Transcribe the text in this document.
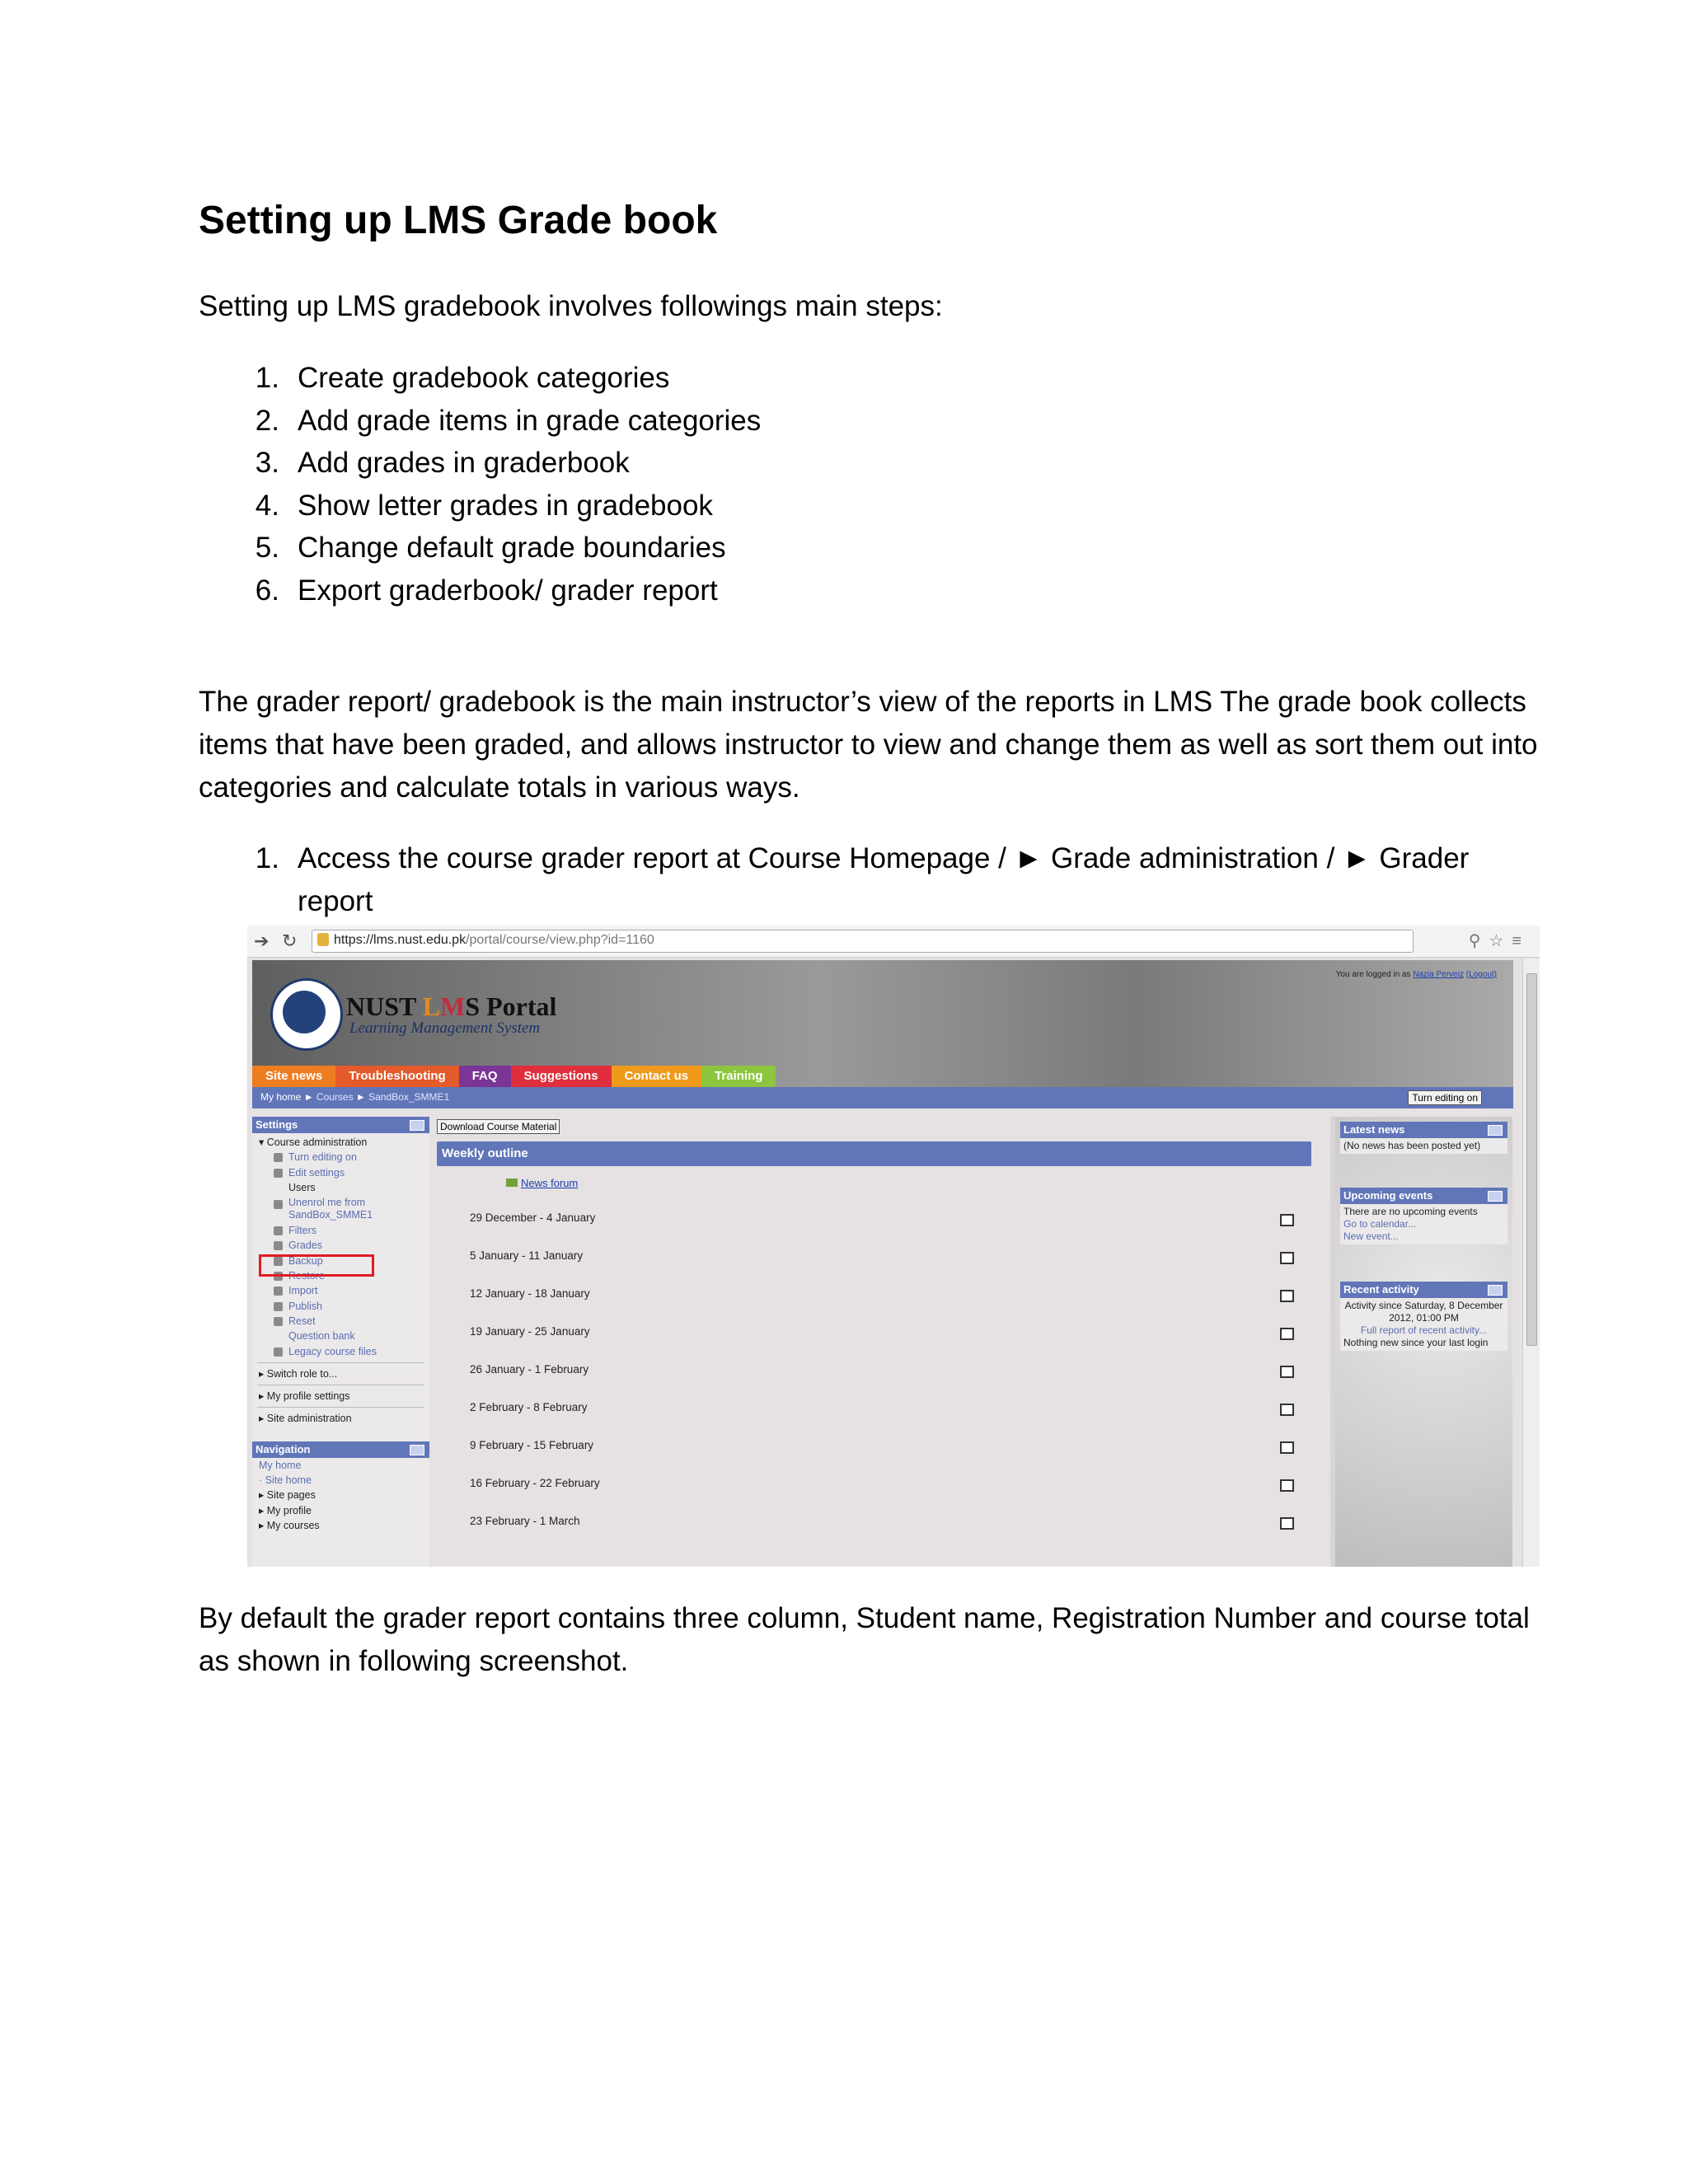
Setting up LMS Grade book

Setting up LMS gradebook involves followings main steps:

1. Create gradebook categories
2. Add grade items in grade categories
3. Add grades in graderbook
4. Show letter grades in gradebook
5. Change default grade boundaries
6. Export graderbook/ grader report

The grader report/ gradebook is the main instructor’s view of the reports in LMS The grade book collects items that have been graded, and allows instructor to view and change them as well as sort them out into categories and calculate totals in various ways.

1. Access the course grader report at Course Homepage / ► Grade administration / ► Grader report

By default the grader report contains three column, Student name, Registration Number and course total as shown in following screenshot.

➔ ↻	https://lms.nust.edu.pk/portal/course/view.php?id=1160	⚲☆≡
You are logged in as Nazia Perveiz (Logout)
NUST LMS Portal
Learning Management System
Site news	Troubleshooting	FAQ	Suggestions	Contact us	Training
My home ► Courses ► SandBox_SMME1	Turn editing on
Settings
▾ Course administration
Turn editing on
Edit settings
Users
Unenrol me from SandBox_SMME1
Filters
Grades
Backup
Restore
Import
Publish
Reset
Question bank
Legacy course files
▸ Switch role to...
▸ My profile settings
▸ Site administration
Navigation
My home
· Site home
▸ Site pages
▸ My profile
▸ My courses
Download Course Material
Weekly outline
News forum
29 December - 4 January
5 January - 11 January
12 January - 18 January
19 January - 25 January
26 January - 1 February
2 February - 8 February
9 February - 15 February
16 February - 22 February
23 February - 1 March
Latest news
(No news has been posted yet)
Upcoming events
There are no upcoming events
Go to calendar...
New event...
Recent activity
Activity since Saturday, 8 December 2012, 01:00 PM
Full report of recent activity...
Nothing new since your last login
